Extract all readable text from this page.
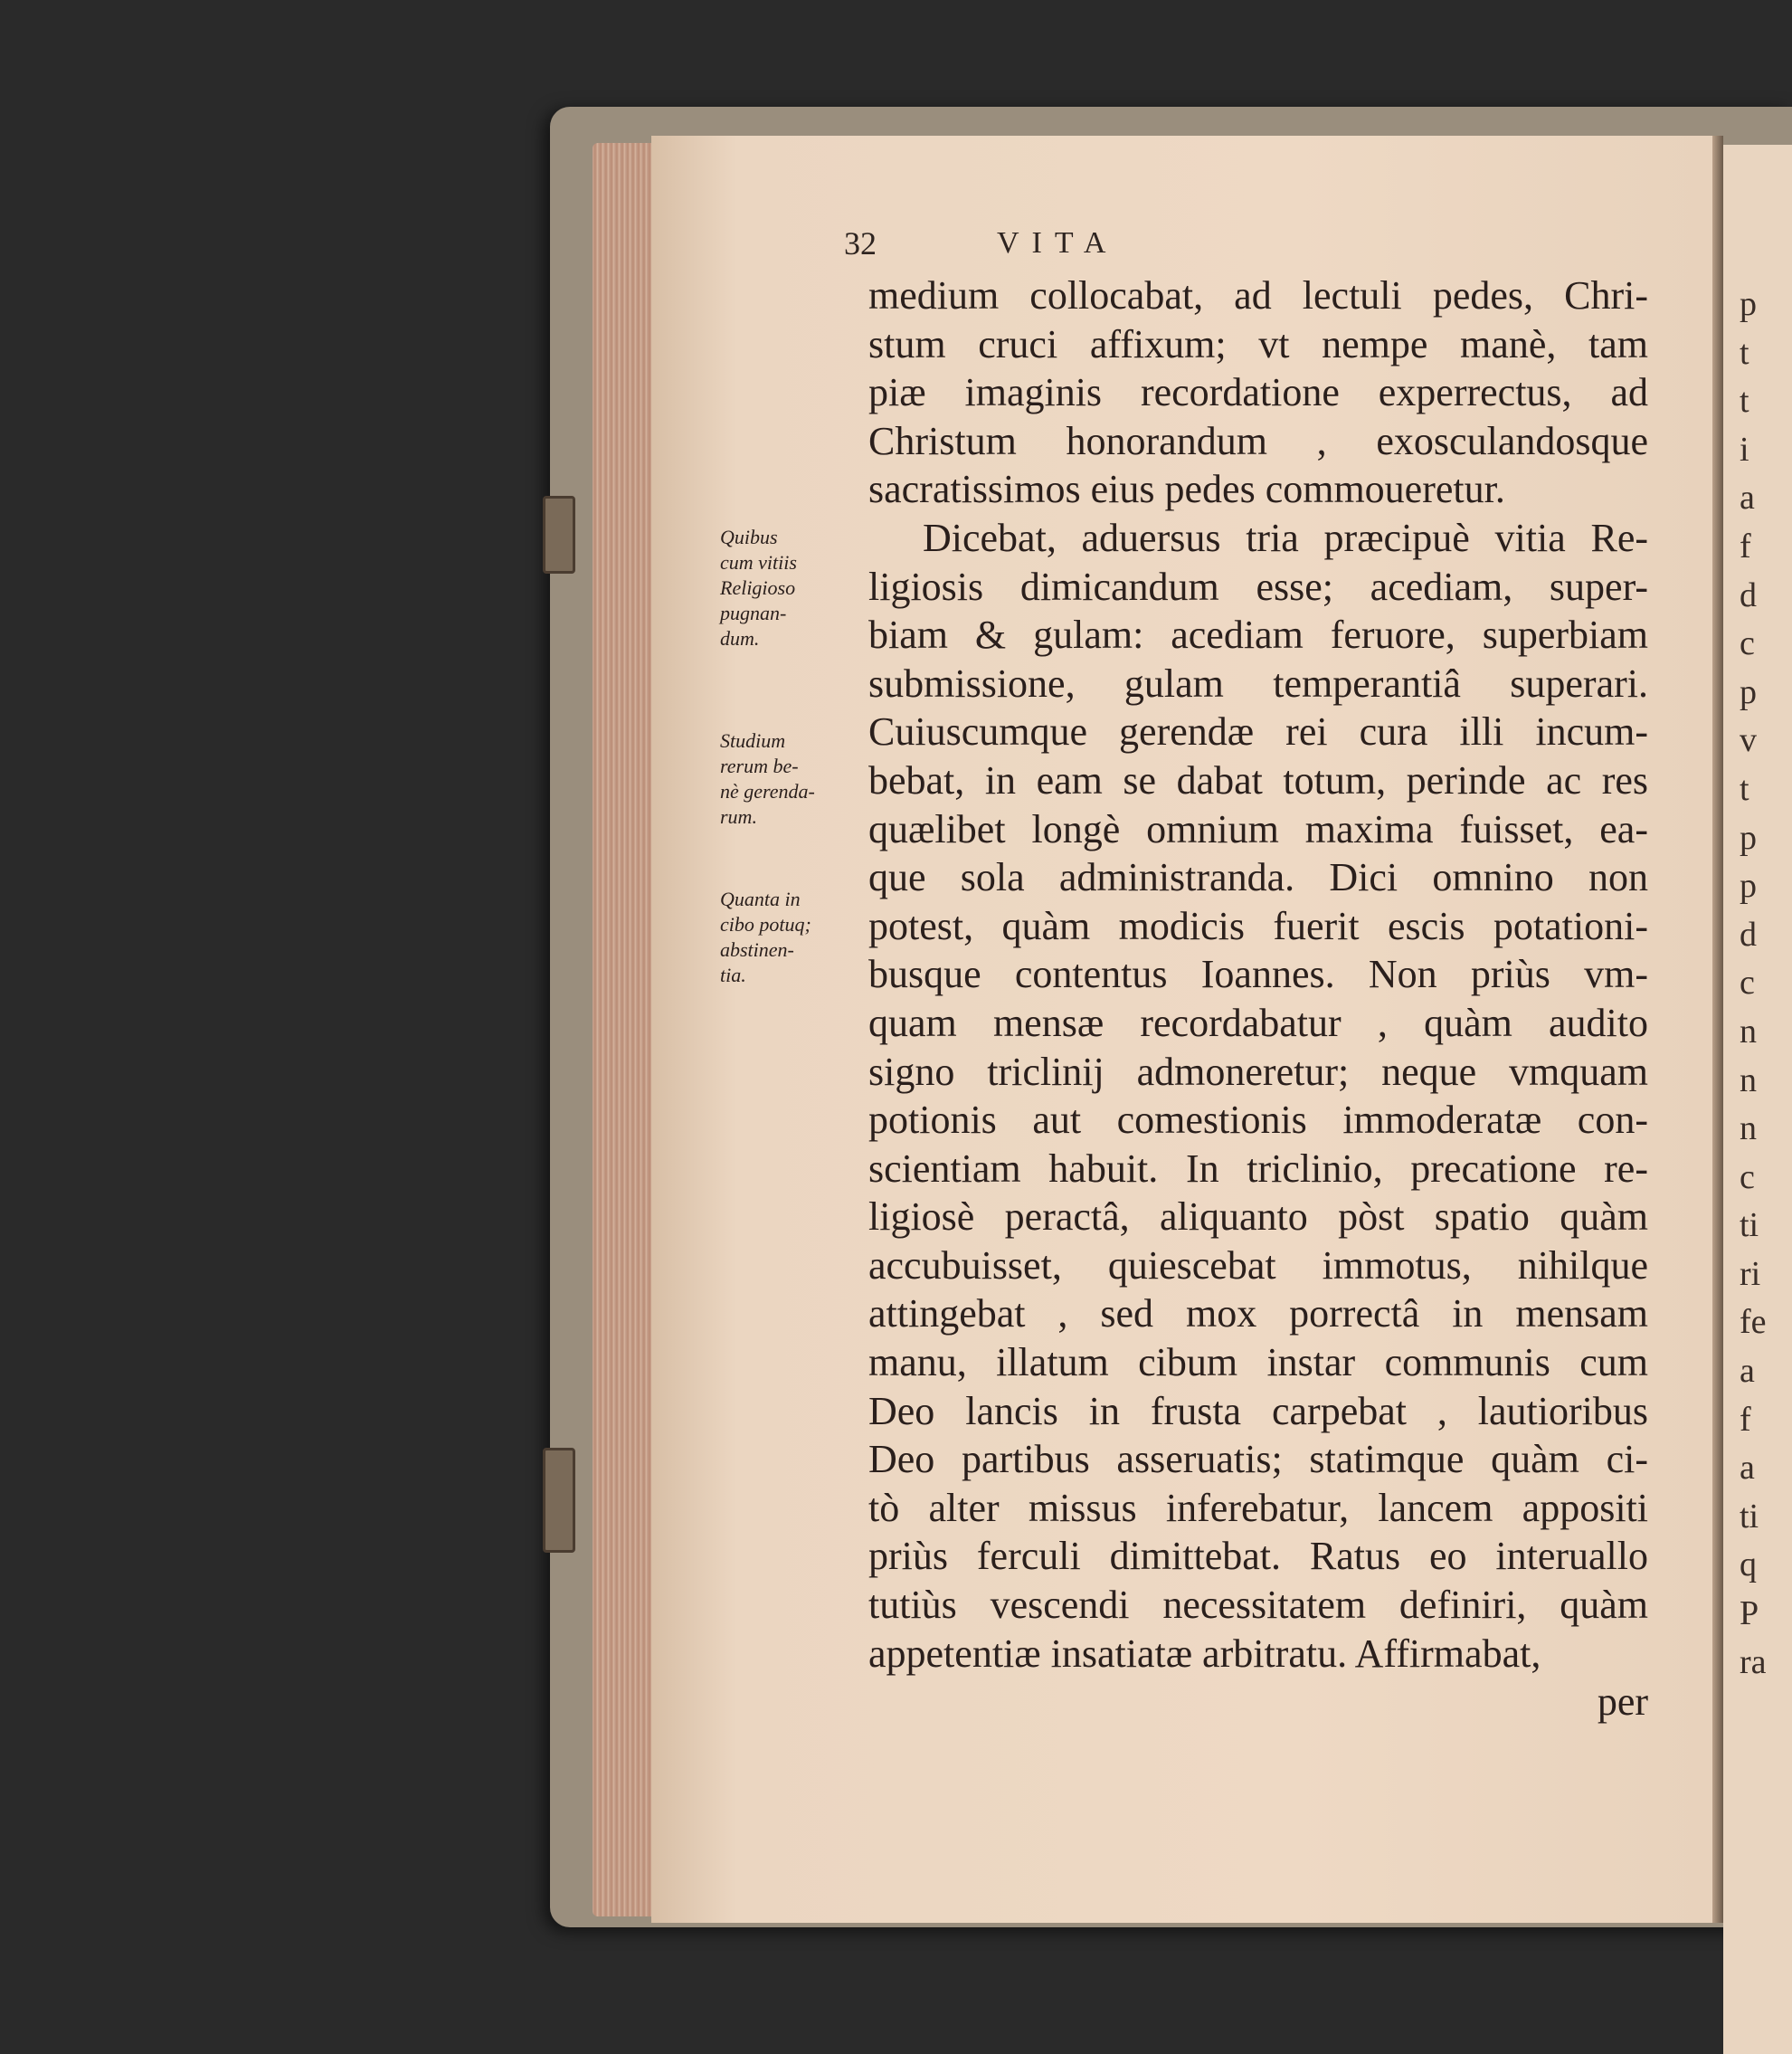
p
t
t
i
a
f
d
c
p
v
t
p
p
d
c
n
n
n
c
ti
ri
fe
a
f
a
ti
q
P
ra
32	VITA
Quibus
cum vitiis
Religioso
pugnan-
dum.
Studium
rerum be-
nè gerenda-
rum.
Quanta in
cibo potuq;
abstinen-
tia.
medium collocabat, ad lectuli pedes, Chri-
stum cruci affixum; vt nempe manè, tam
piæ imaginis recordatione experrectus, ad
Christum honorandum , exosculandosque
sacratissimos eius pedes commoueretur.
Dicebat, aduersus tria præcipuè vitia Re-
ligiosis dimicandum esse; acediam, super-
biam & gulam: acediam feruore, superbiam
submissione, gulam temperantiâ superari.
Cuiuscumque gerendæ rei cura illi incum-
bebat, in eam se dabat totum, perinde ac res
quælibet longè omnium maxima fuisset, ea-
que sola administranda. Dici omnino non
potest, quàm modicis fuerit escis potationi-
busque contentus Ioannes. Non priùs vm-
quam mensæ recordabatur , quàm audito
signo triclinij admoneretur; neque vmquam
potionis aut comestionis immoderatæ con-
scientiam habuit. In triclinio, precatione re-
ligiosè peractâ, aliquanto pòst spatio quàm
accubuisset, quiescebat immotus, nihilque
attingebat , sed mox porrectâ in mensam
manu, illatum cibum instar communis cum
Deo lancis in frusta carpebat , lautioribus
Deo partibus asseruatis; statimque quàm ci-
tò alter missus inferebatur, lancem appositi
priùs ferculi dimittebat. Ratus eo interuallo
tutiùs vescendi necessitatem definiri, quàm
appetentiæ insatiatæ arbitratu. Affirmabat,
per
